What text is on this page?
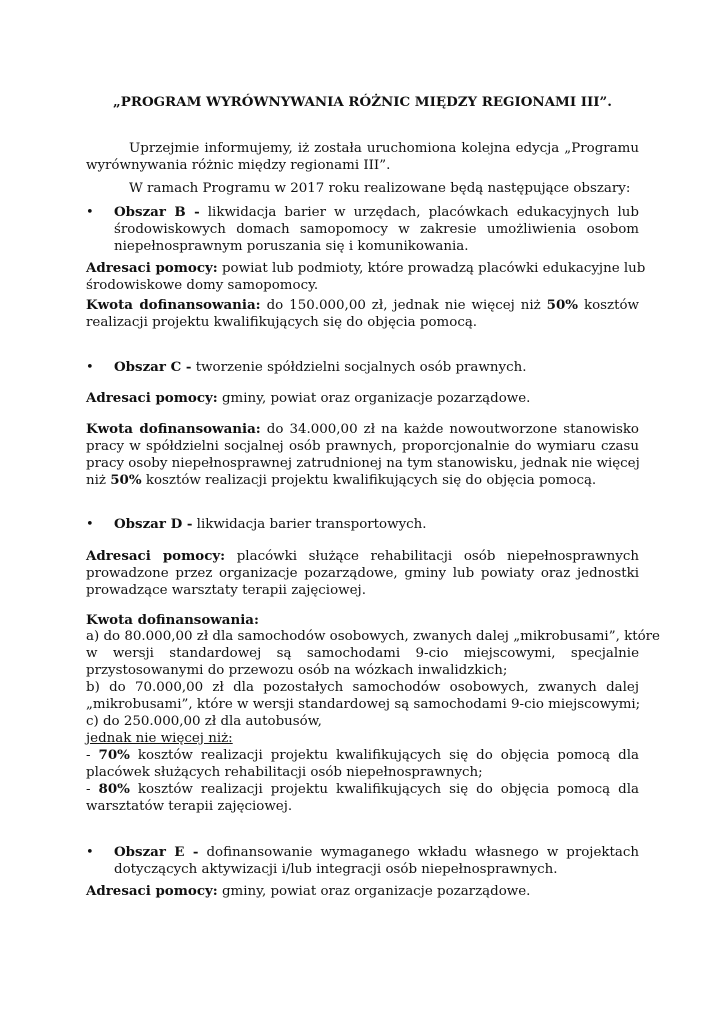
„PROGRAM WYRÓWNYWANIA RÓŻNIC MIĘDZY REGIONAMI III”.
Uprzejmie informujemy, iż została uruchomiona kolejna edycja „Programu
wyrównywania różnic między regionami III”.
W ramach Programu w 2017 roku realizowane będą następujące obszary:
•	Obszar B - likwidacja barier w urzędach, placówkach edukacyjnych lub
środowiskowych domach samopomocy w zakresie umożliwienia osobom
niepełnosprawnym poruszania się i komunikowania.
Adresaci pomocy: powiat lub podmioty, które prowadzą placówki edukacyjne lub
środowiskowe domy samopomocy.
Kwota dofinansowania: do 150.000,00 zł, jednak nie więcej niż 50% kosztów
realizacji projektu kwalifikujących się do objęcia pomocą.
•	Obszar C - tworzenie spółdzielni socjalnych osób prawnych.
Adresaci pomocy: gminy, powiat oraz organizacje pozarządowe.
Kwota dofinansowania: do 34.000,00 zł na każde nowoutworzone stanowisko
pracy w spółdzielni socjalnej osób prawnych, proporcjonalnie do wymiaru czasu
pracy osoby niepełnosprawnej zatrudnionej na tym stanowisku, jednak nie więcej
niż 50% kosztów realizacji projektu kwalifikujących się do objęcia pomocą.
•	Obszar D - likwidacja barier transportowych.
Adresaci pomocy: placówki służące rehabilitacji osób niepełnosprawnych
prowadzone przez organizacje pozarządowe, gminy lub powiaty oraz jednostki
prowadzące warsztaty terapii zajęciowej.
Kwota dofinansowania:
a) do 80.000,00 zł dla samochodów osobowych, zwanych dalej „mikrobusami”, które
w wersji standardowej są samochodami 9-cio miejscowymi, specjalnie
przystosowanymi do przewozu osób na wózkach inwalidzkich;
b) do 70.000,00 zł dla pozostałych samochodów osobowych, zwanych dalej
„mikrobusami”, które w wersji standardowej są samochodami 9-cio miejscowymi;
c) do 250.000,00 zł dla autobusów,
jednak nie więcej niż:
- 70% kosztów realizacji projektu kwalifikujących się do objęcia pomocą dla
placówek służących rehabilitacji osób niepełnosprawnych;
- 80% kosztów realizacji projektu kwalifikujących się do objęcia pomocą dla
warsztatów terapii zajęciowej.
•	Obszar E - dofinansowanie wymaganego wkładu własnego w projektach
dotyczących aktywizacji i/lub integracji osób niepełnosprawnych.
Adresaci pomocy: gminy, powiat oraz organizacje pozarządowe.
